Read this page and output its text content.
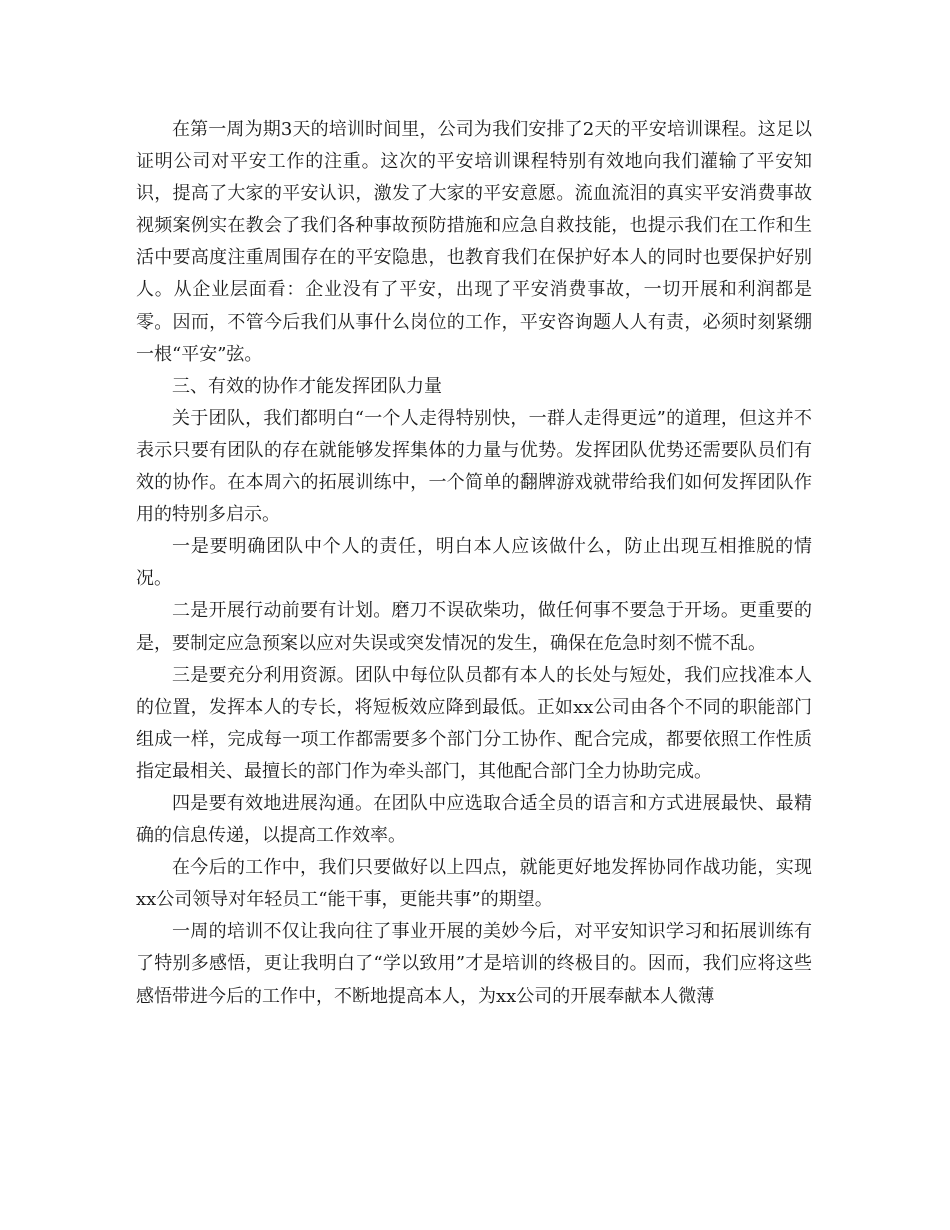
在第一周为期3天的培训时间里，公司为我们安排了2天的平安培训课程。这足以证明公司对平安工作的注重。这次的平安培训课程特别有效地向我们灌输了平安知识，提高了大家的平安认识，激发了大家的平安意愿。流血流泪的真实平安消费事故视频案例实在教会了我们各种事故预防措施和应急自救技能，也提示我们在工作和生活中要高度注重周围存在的平安隐患，也教育我们在保护好本人的同时也要保护好别人。从企业层面看：企业没有了平安，出现了平安消费事故，一切开展和利润都是零。因而，不管今后我们从事什么岗位的工作，平安咨询题人人有责，必须时刻紧绷一根“平安”弦。

三、有效的协作才能发挥团队力量

关于团队，我们都明白“一个人走得特别快，一群人走得更远”的道理，但这并不表示只要有团队的存在就能够发挥集体的力量与优势。发挥团队优势还需要队员们有效的协作。在本周六的拓展训练中，一个简单的翻牌游戏就带给我们如何发挥团队作用的特别多启示。

一是要明确团队中个人的责任，明白本人应该做什么，防止出现互相推脱的情况。

二是开展行动前要有计划。磨刀不误砍柴功，做任何事不要急于开场。更重要的是，要制定应急预案以应对失误或突发情况的发生，确保在危急时刻不慌不乱。

三是要充分利用资源。团队中每位队员都有本人的长处与短处，我们应找准本人的位置，发挥本人的专长，将短板效应降到最低。正如xx公司由各个不同的职能部门组成一样，完成每一项工作都需要多个部门分工协作、配合完成，都要依照工作性质指定最相关、最擅长的部门作为牵头部门，其他配合部门全力协助完成。

四是要有效地进展沟通。在团队中应选取合适全员的语言和方式进展最快、最精确的信息传递，以提高工作效率。

在今后的工作中，我们只要做好以上四点，就能更好地发挥协同作战功能，实现xx公司领导对年轻员工“能干事，更能共事”的期望。

一周的培训不仅让我向往了事业开展的美妙今后，对平安知识学习和拓展训练有了特别多感悟，更让我明白了“学以致用”才是培训的终极目的。因而，我们应将这些感悟带进今后的工作中，不断地提高本人，为xx公司的开展奉献本人微薄
